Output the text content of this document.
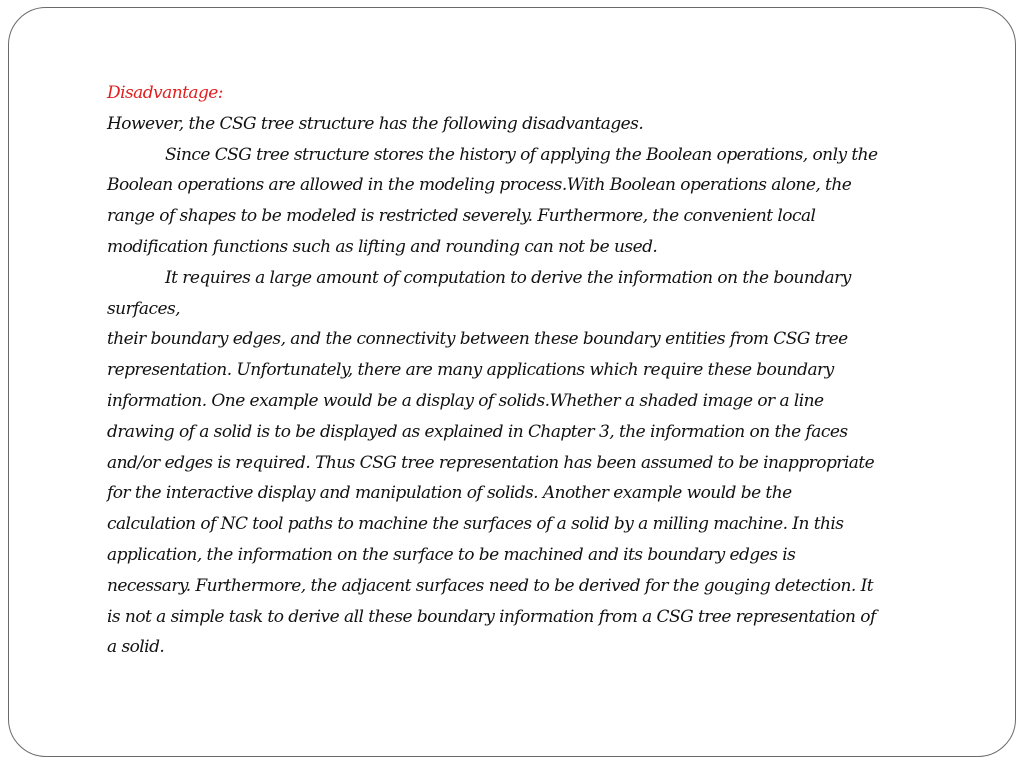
Disadvantage:
However, the CSG tree structure has the following disadvantages.
Since CSG tree structure stores the history of applying the Boolean operations, only the
Boolean operations are allowed in the modeling process.With Boolean operations alone, the
range of shapes to be modeled is restricted severely. Furthermore, the convenient local
modification functions such as lifting and rounding can not be used.
It requires a large amount of computation to derive the information on the boundary
surfaces,
their boundary edges, and the connectivity between these boundary entities from CSG tree
representation. Unfortunately, there are many applications which require these boundary
information. One example would be a display of solids.Whether a shaded image or a line
drawing of a solid is to be displayed as explained in Chapter 3, the information on the faces
and/or edges is required. Thus CSG tree representation has been assumed to be inappropriate
for the interactive display and manipulation of solids. Another example would be the
calculation of NC tool paths to machine the surfaces of a solid by a milling machine. In this
application, the information on the surface to be machined and its boundary edges is
necessary. Furthermore, the adjacent surfaces need to be derived for the gouging detection. It
is not a simple task to derive all these boundary information from a CSG tree representation of
a solid.
